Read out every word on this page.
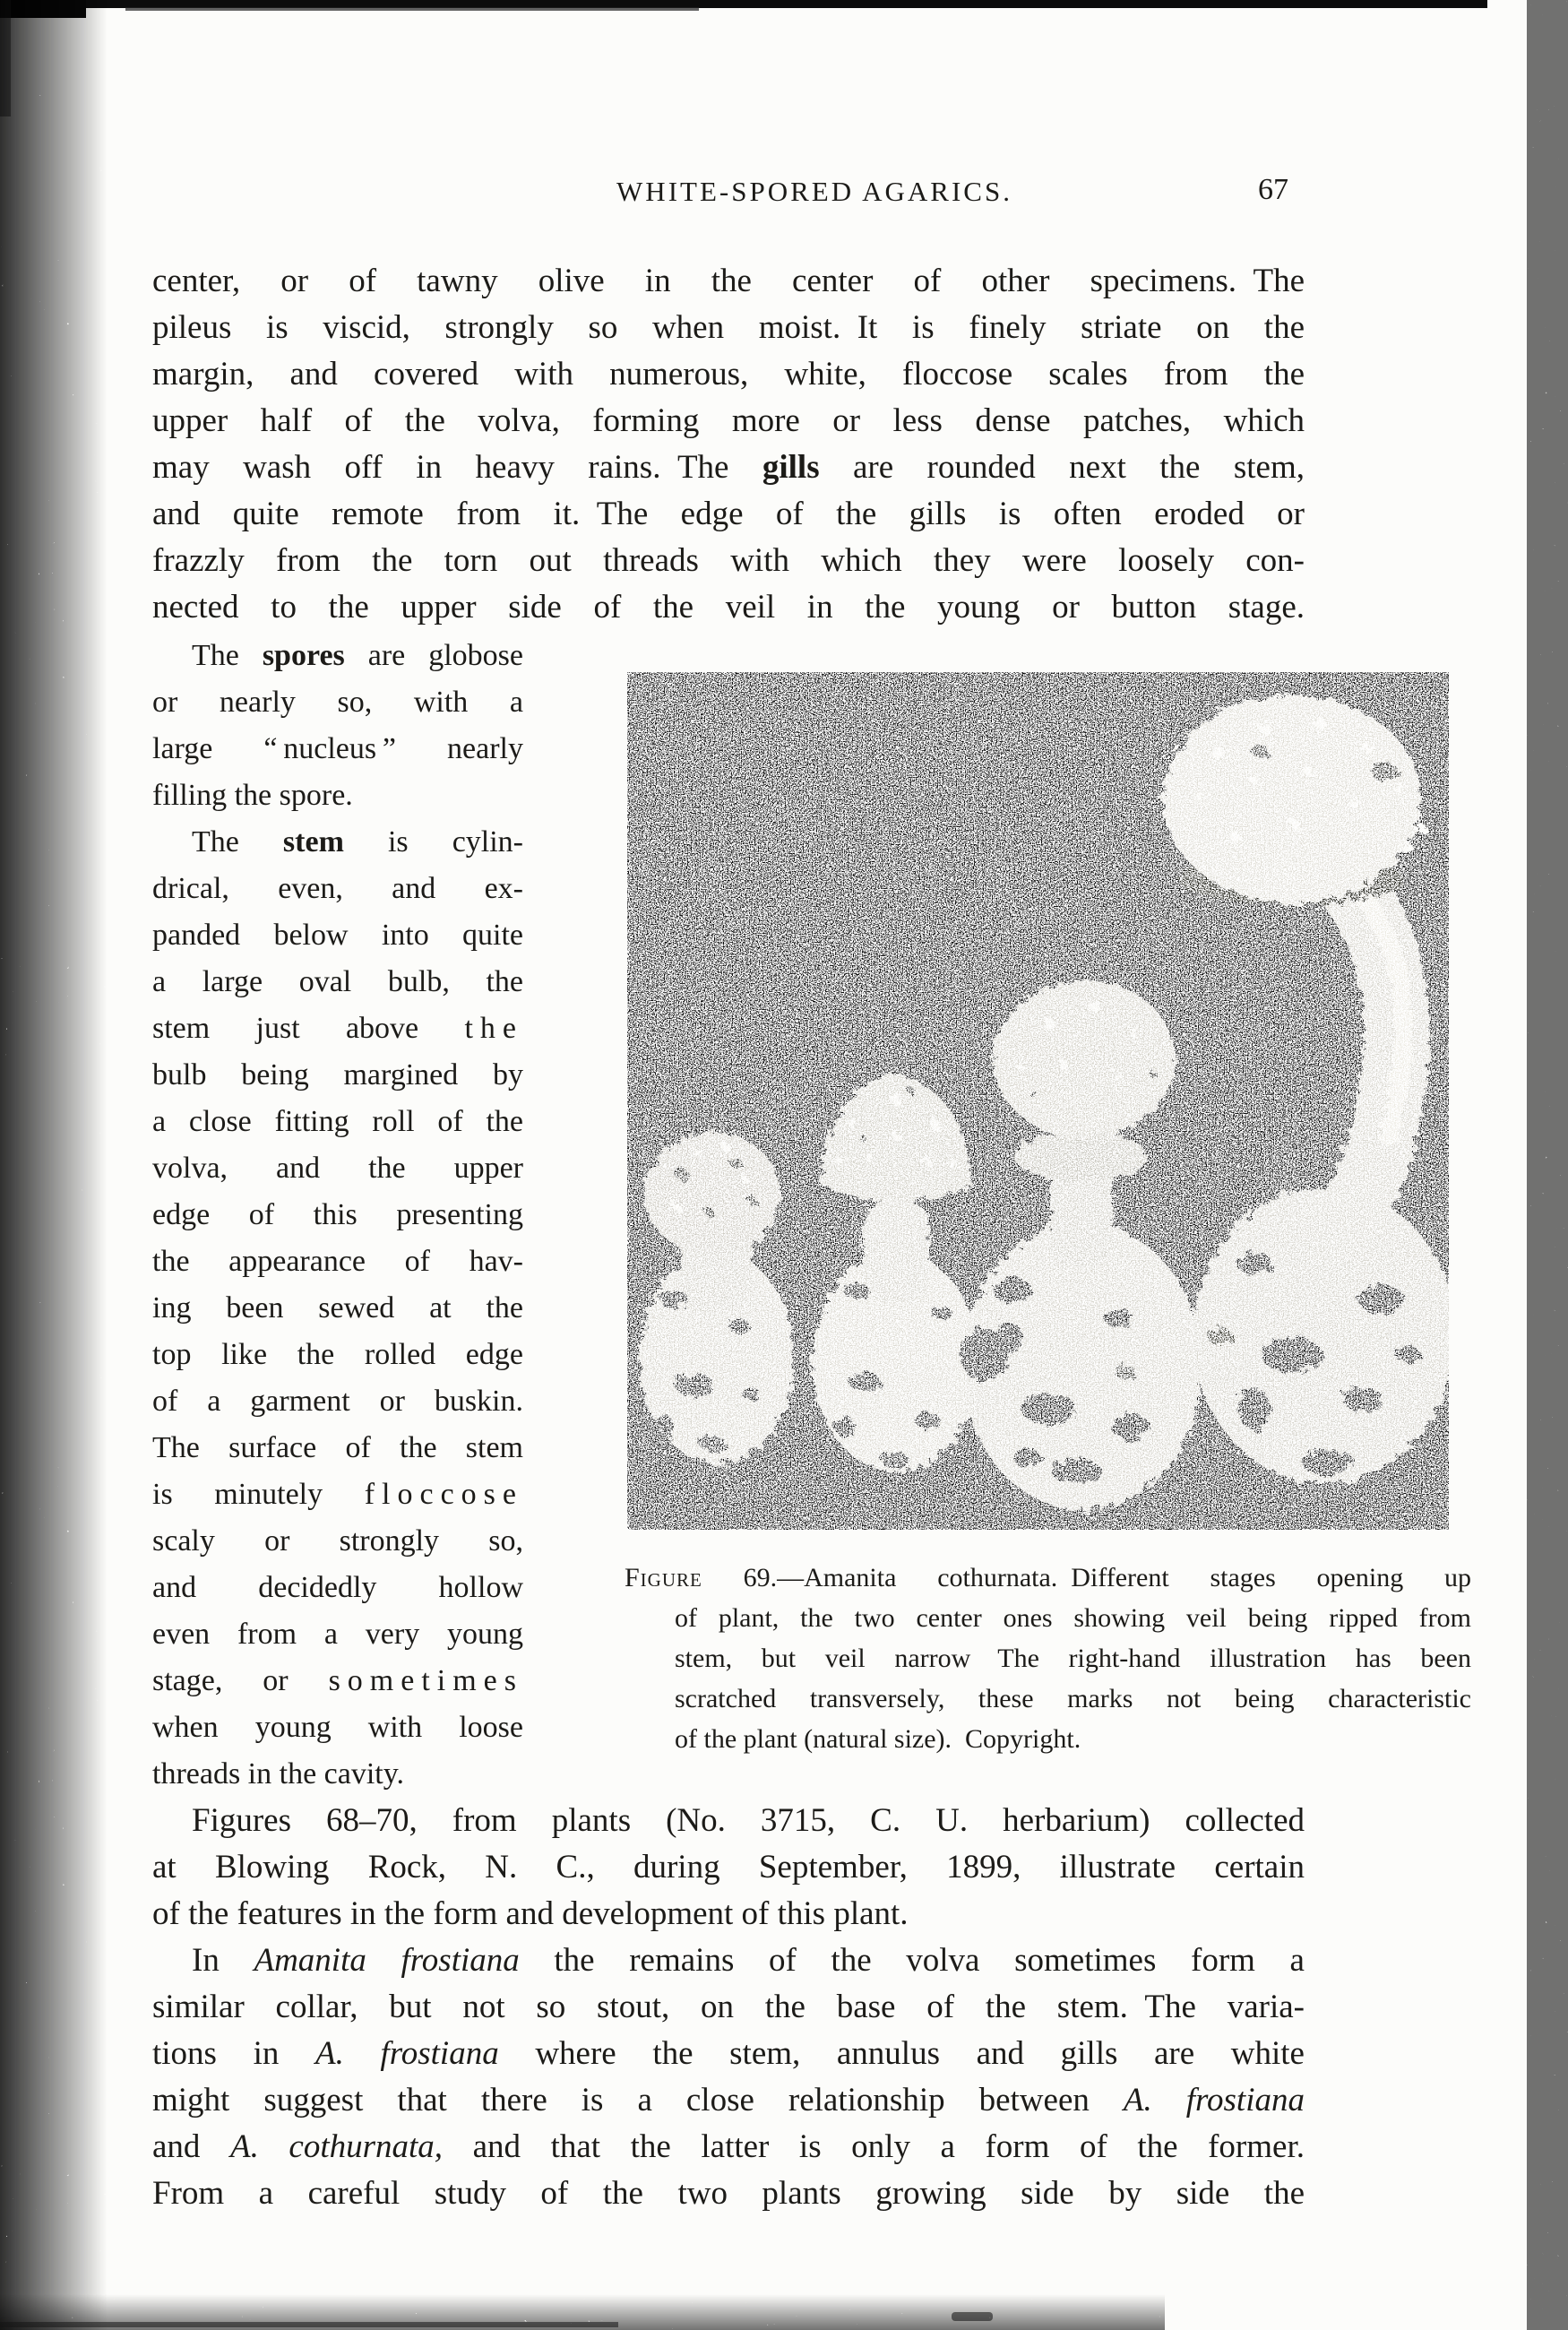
WHITE-SPORED AGARICS.	67
center, or of tawny olive in the center of other specimens. The
pileus is viscid, strongly so when moist. It is finely striate on the
margin, and covered with numerous, white, floccose scales from the
upper half of the volva, forming more or less dense patches, which
may wash off in heavy rains. The gills are rounded next the stem,
and quite remote from it. The edge of the gills is often eroded or
frazzly from the torn out threads with which they were loosely con-
nected to the upper side of the veil in the young or button stage.
The spores are globose
or nearly so, with a
large “ nucleus ” nearly
filling the spore.
The stem is cylin-
drical, even, and ex-
panded below into quite
a large oval bulb, the
stem just above the
bulb being margined by
a close fitting roll of the
volva, and the upper
edge of this presenting
the appearance of hav-
ing been sewed at the
top like the rolled edge
of a garment or buskin.
The surface of the stem
is minutely floccose
scaly or strongly so,
and decidedly hollow
even from a very young
stage, or sometimes
when young with loose
threads in the cavity.
Figure 69.—Amanita cothurnata. Different stages opening up
of plant, the two center ones showing veil being ripped from
stem, but veil narrow The right-hand illustration has been
scratched transversely, these marks not being characteristic
of the plant (natural size). Copyright.
Figures 68–70, from plants (No. 3715, C. U. herbarium) collected
at Blowing Rock, N. C., during September, 1899, illustrate certain
of the features in the form and development of this plant.
In Amanita frostiana the remains of the volva sometimes form a
similar collar, but not so stout, on the base of the stem. The varia-
tions in A. frostiana where the stem, annulus and gills are white
might suggest that there is a close relationship between A. frostiana
and A. cothurnata, and that the latter is only a form of the former.
From a careful study of the two plants growing side by side the
